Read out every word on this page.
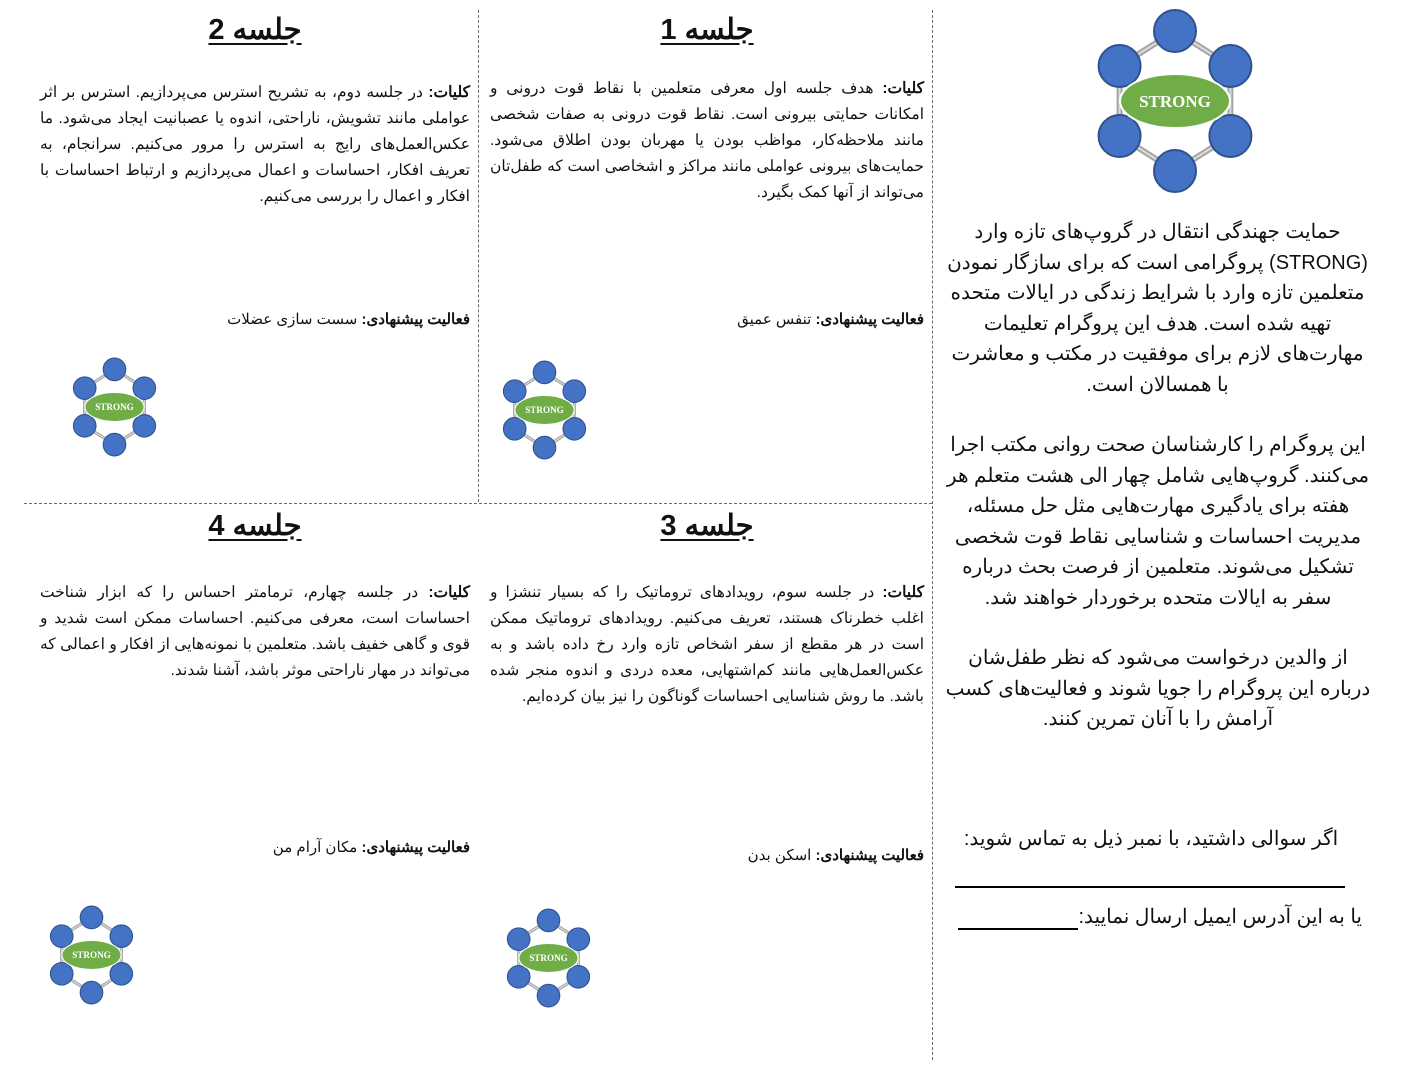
STRONG
حمایت جهندگی انتقال در گروپ‌های تازه وارد (STRONG) پروگرامی است که برای سازگار نمودن متعلمین تازه وارد با شرایط زندگی در ایالات متحده تهیه شده است. هدف این پروگرام تعلیمات مهارت‌های لازم برای موفقیت در مکتب و معاشرت با همسالان است.
این پروگرام را کارشناسان صحت روانی مکتب اجرا می‌کنند. گروپ‌هایی شامل چهار الی هشت متعلم هر هفته برای یادگیری مهارت‌هایی مثل حل مسئله، مدیریت احساسات و شناسایی نقاط قوت شخصی تشکیل می‌شوند. متعلمین از فرصت بحث درباره سفر به ایالات متحده برخوردار خواهند شد.
از والدین درخواست می‌شود که نظر طفل‌شان درباره این پروگرام را جویا شوند و فعالیت‌های کسب آرامش را با آنان تمرین کنند.
اگر سوالی داشتید، با نمبر ذیل به تماس شوید:
یا به این آدرس ایمیل ارسال نمایید:
جلسه 1
کلیات: هدف جلسه اول معرفی متعلمین با نقاط قوت درونی و امکانات حمایتی بیرونی است. نقاط قوت درونی به صفات شخصی مانند ملاحظه‌کار، مواظب بودن یا مهربان بودن اطلاق می‌شود. حمایت‌های بیرونی عواملی مانند مراکز و اشخاصی است که طفل‌تان می‌تواند از آنها کمک بگیرد.
فعالیت پیشنهادی: تنفس عمیق
STRONG
جلسه 2
کلیات: در جلسه دوم، به تشریح استرس می‌پردازیم. استرس بر اثر عواملی مانند تشویش، ناراحتی، اندوه یا عصبانیت ایجاد می‌شود. ما عکس‌العمل‌های رایج به استرس را مرور می‌کنیم. سرانجام، به تعریف افکار، احساسات و اعمال می‌پردازیم و ارتباط احساسات با افکار و اعمال را بررسی می‌کنیم.
فعالیت پیشنهادی: سست سازی عضلات
STRONG
جلسه 3
کلیات: در جلسه سوم، رویدادهای تروماتیک را که بسیار تنشزا و اغلب خطرناک هستند، تعریف می‌کنیم. رویدادهای تروماتیک ممکن است در هر مقطع از سفر اشخاص تازه وارد رخ داده باشد و به عکس‌العمل‌هایی مانند کم‌اشتهایی، معده دردی و اندوه منجر شده باشد. ما روش شناسایی احساسات گوناگون را نیز بیان کرده‌ایم.
فعالیت پیشنهادی: اسکن بدن
STRONG
جلسه 4
کلیات: در جلسه چهارم، ترمامتر احساس را که ابزار شناخت احساسات است، معرفی می‌کنیم. احساسات ممکن است شدید و قوی و گاهی خفیف باشد. متعلمین با نمونه‌هایی از افکار و اعمالی که می‌تواند در مهار ناراحتی موثر باشد، آشنا شدند.
فعالیت پیشنهادی: مکان آرام من
STRONG
